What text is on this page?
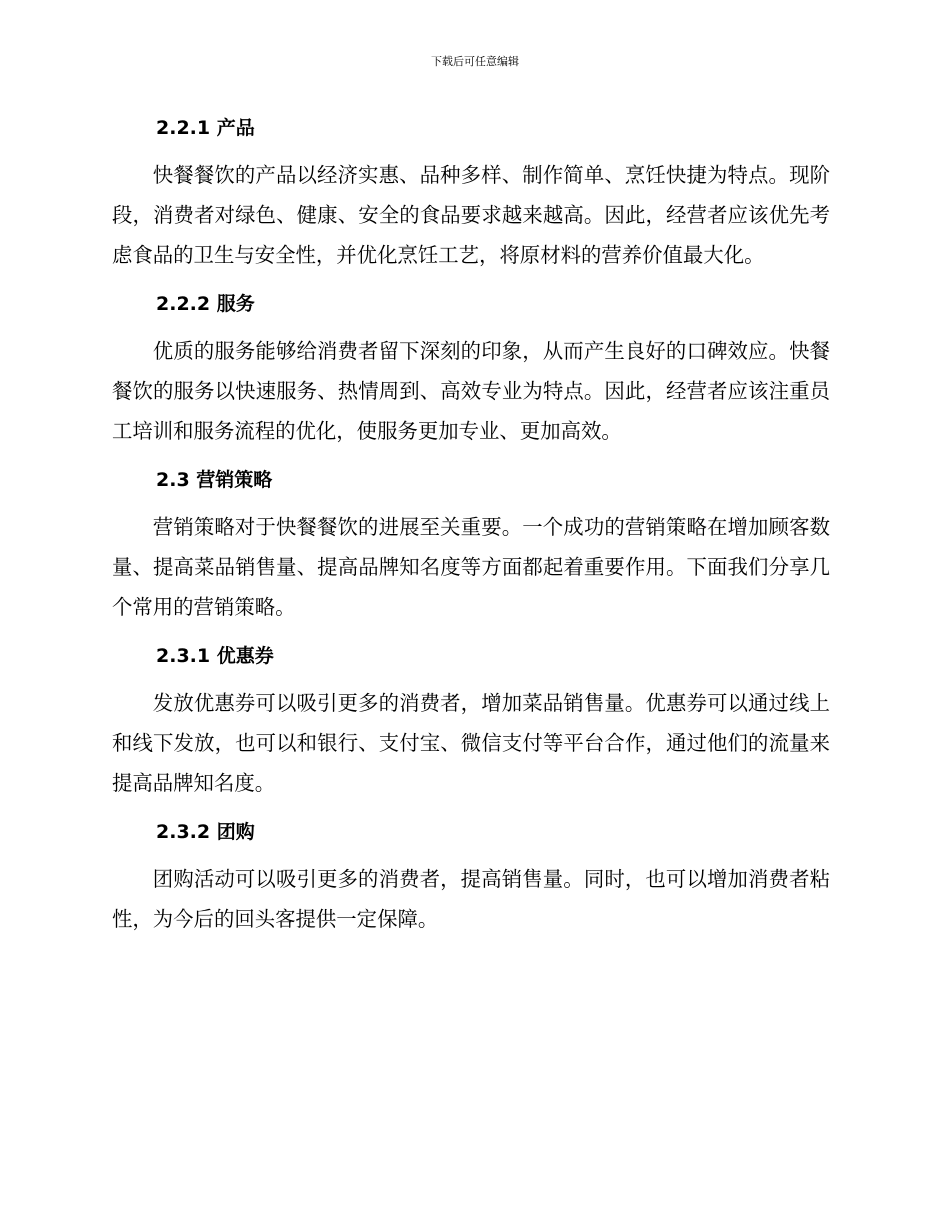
下载后可任意编辑
2.2.1 产品

快餐餐饮的产品以经济实惠、品种多样、制作简单、烹饪快捷为特点。现阶段，消费者对绿色、健康、安全的食品要求越来越高。因此，经营者应该优先考虑食品的卫生与安全性，并优化烹饪工艺，将原材料的营养价值最大化。

2.2.2 服务

优质的服务能够给消费者留下深刻的印象，从而产生良好的口碑效应。快餐餐饮的服务以快速服务、热情周到、高效专业为特点。因此，经营者应该注重员工培训和服务流程的优化，使服务更加专业、更加高效。

2.3 营销策略

营销策略对于快餐餐饮的进展至关重要。一个成功的营销策略在增加顾客数量、提高菜品销售量、提高品牌知名度等方面都起着重要作用。下面我们分享几个常用的营销策略。

2.3.1 优惠券

发放优惠券可以吸引更多的消费者，增加菜品销售量。优惠券可以通过线上和线下发放，也可以和银行、支付宝、微信支付等平台合作，通过他们的流量来提高品牌知名度。

2.3.2 团购

团购活动可以吸引更多的消费者，提高销售量。同时，也可以增加消费者粘性，为今后的回头客提供一定保障。
